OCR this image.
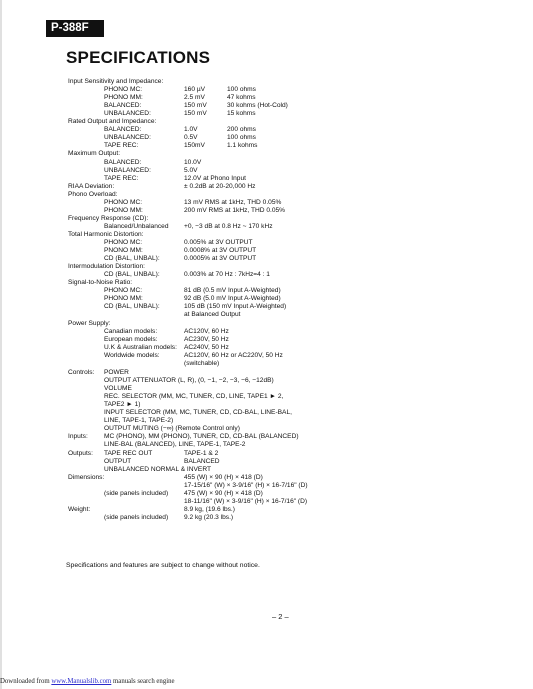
P-388F
SPECIFICATIONS
Input Sensitivity and Impedance:
PHONO MC:	160 µV	100 ohms
PHONO MM:	2.5 mV	47 kohms
BALANCED:	150 mV	30 kohms (Hot-Cold)
UNBALANCED:	150 mV	15 kohms
Rated Output and Impedance:
BALANCED:	1.0V	200 ohms
UNBALANCED:	0.5V	100 ohms
TAPE REC:	150mV	1.1 kohms
Maximum Output:
BALANCED:	10.0V
UNBALANCED:	5.0V
TAPE REC:	12.0V at Phono Input
RIAA Deviation:	± 0.2dB at 20-20,000 Hz
Phono Overload:
PHONO MC:	13 mV RMS at 1kHz, THD 0.05%
PHONO MM:	200 mV RMS at 1kHz, THD 0.05%
Frequency Response (CD):
Balanced/Unbalanced +0, −3 dB at 0.8 Hz ~ 170 kHz
Total Harmonic Distortion:
PHONO MC:	0.005% at 3V OUTPUT
PNONO MM:	0.0008% at 3V OUTPUT
CD (BAL, UNBAL):	0.0005% at 3V OUTPUT
Intermodulation Distortion:
CD (BAL, UNBAL):	0.003% at 70 Hz : 7kHz=4 : 1
Signal-to-Noise Ratio:
PHONO MC:	81 dB (0.5 mV Input A-Weighted)
PHONO MM:	92 dB (5.0 mV Input A-Weighted)
CD (BAL, UNBAL):	105 dB (150 mV Input A-Weighted)
at Balanced Output
Power Supply:
Canadian models:	AC120V, 60 Hz
European models:	AC230V, 50 Hz
U.K & Australian models: AC240V, 50 Hz
Worldwide models:	AC120V, 60 Hz or AC220V, 50 Hz
(switchable)
Controls: POWER
OUTPUT ATTENUATOR (L, R), (0, −1, −2, −3, −6, −12dB)
VOLUME
REC. SELECTOR (MM, MC, TUNER, CD, LINE, TAPE1 ► 2,
TAPE2 ► 1)
INPUT SELECTOR (MM, MC, TUNER, CD, CD-BAL, LINE-BAL,
LINE, TAPE-1, TAPE-2)
OUTPUT MUTING (−∞) (Remote Control only)
Inputs: MC (PHONO), MM (PHONO), TUNER, CD, CD-BAL (BALANCED)
LINE-BAL (BALANCED), LINE, TAPE-1, TAPE-2
Outputs: TAPE REC OUT	TAPE-1 & 2
OUTPUT	BALANCED
UNBALANCED NORMAL & INVERT
Dimensions:	455 (W) × 90 (H) × 418 (D)
17-15/16" (W) × 3-9/16" (H) × 16-7/16" (D)
(side panels included) 475 (W) × 90 (H) × 418 (D)
18-11/16" (W) × 3-9/16" (H) × 16-7/16" (D)
Weight:	8.9 kg, (19.6 lbs.)
(side panels included) 9.2 kg (20.3 lbs.)
Specifications and features are subject to change without notice.
– 2 –
Downloaded from www.Manualslib.com manuals search engine
